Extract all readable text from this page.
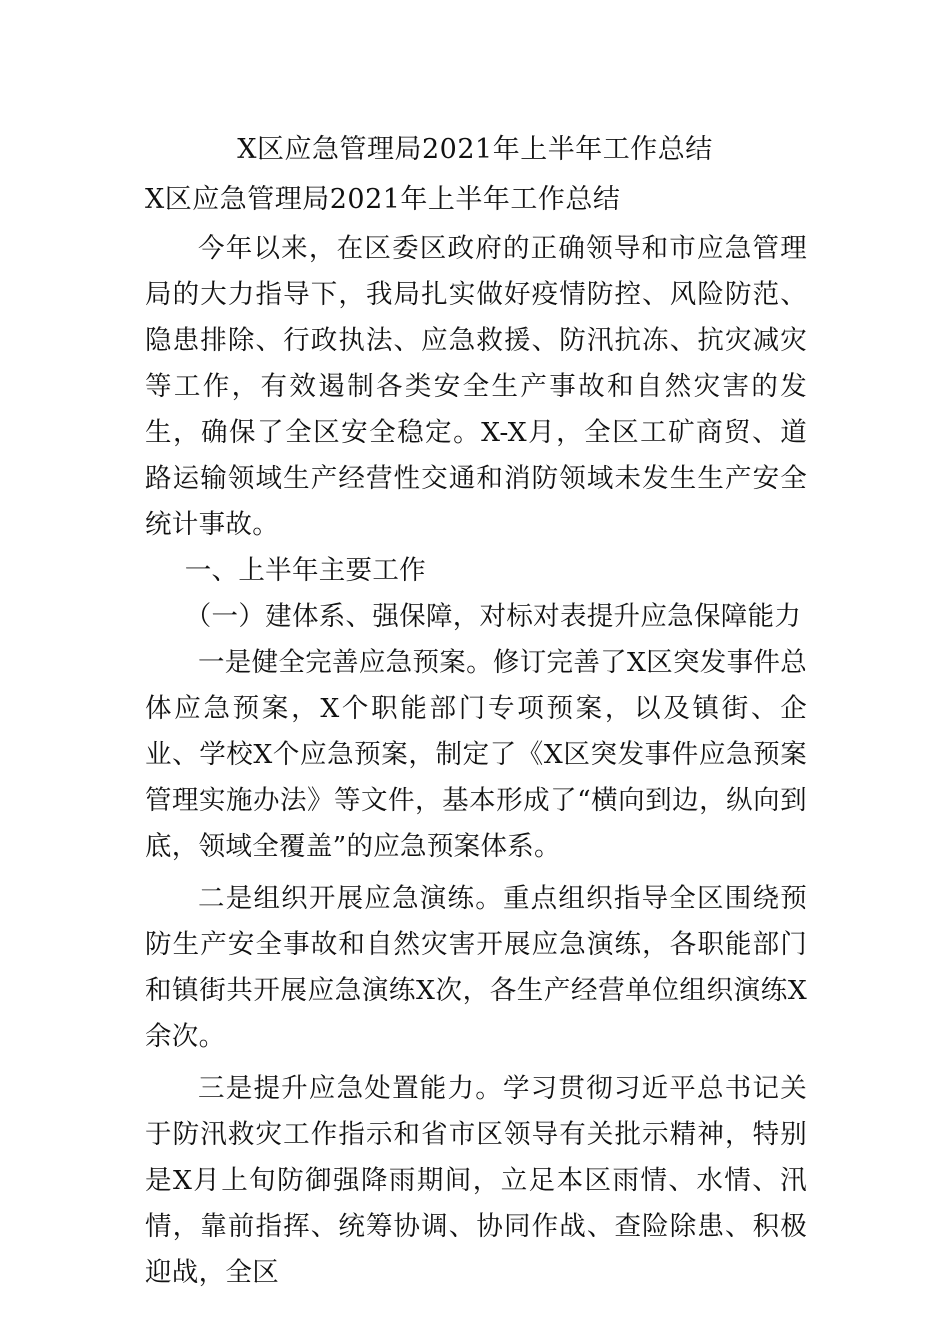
X区应急管理局2021年上半年工作总结
X区应急管理局2021年上半年工作总结

今年以来，在区委区政府的正确领导和市应急管理局的大力指导下，我局扎实做好疫情防控、风险防范、隐患排除、行政执法、应急救援、防汛抗冻、抗灾减灾等工作，有效遏制各类安全生产事故和自然灾害的发生，确保了全区安全稳定。X-X月，全区工矿商贸、道路运输领域生产经营性交通和消防领域未发生生产安全统计事故。

一、上半年主要工作

（一）建体系、强保障，对标对表提升应急保障能力

一是健全完善应急预案。修订完善了X区突发事件总体应急预案，X个职能部门专项预案，以及镇街、企业、学校X个应急预案，制定了《X区突发事件应急预案管理实施办法》等文件，基本形成了“横向到边，纵向到底，领域全覆盖”的应急预案体系。

二是组织开展应急演练。重点组织指导全区围绕预防生产安全事故和自然灾害开展应急演练，各职能部门和镇街共开展应急演练X次，各生产经营单位组织演练X余次。

三是提升应急处置能力。学习贯彻习近平总书记关于防汛救灾工作指示和省市区领导有关批示精神，特别是X月上旬防御强降雨期间，立足本区雨情、水情、汛情，靠前指挥、统筹协调、协同作战、查险除患、积极迎战，全区
